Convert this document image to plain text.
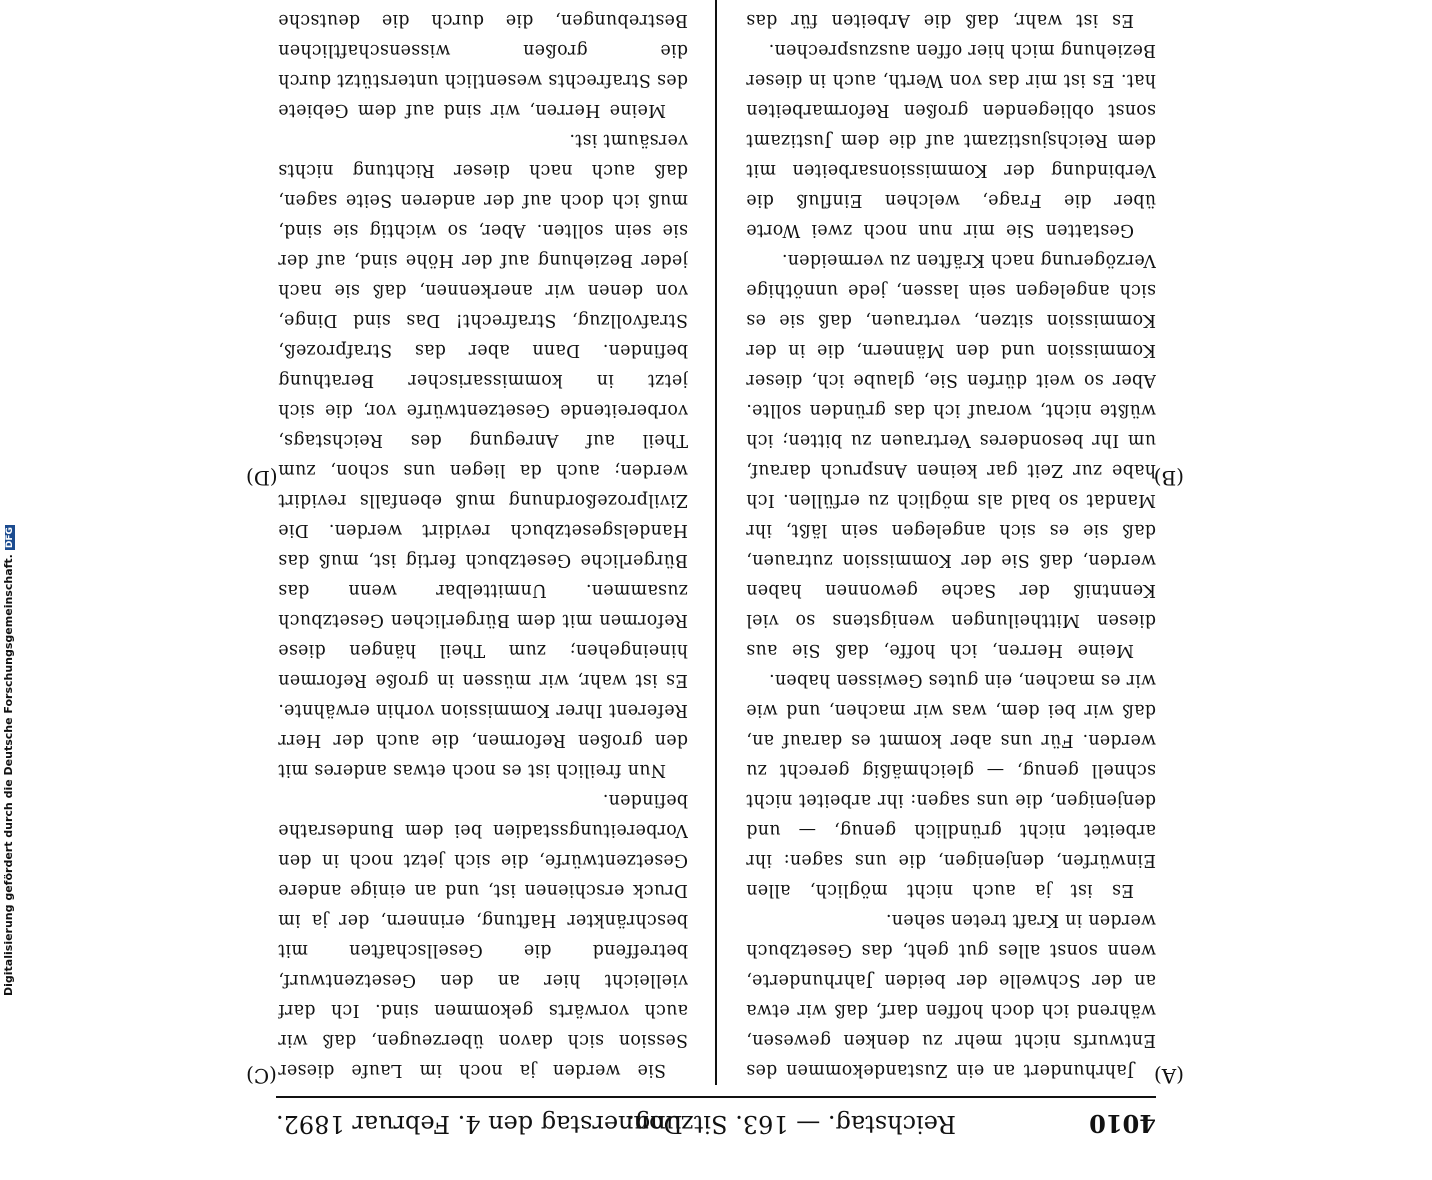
4010
Reichstag. — 163. Sitzung.
Donnerstag den 4. Februar 1892.
(A)
(B)
(C)
(D)

Jahrhundert an ein Zustandekommen des Entwurfs nicht mehr zu denken gewesen, während ich doch hoffen darf, daß wir etwa an der Schwelle der beiden Jahrhunderte, wenn sonst alles gut geht, das Gesetzbuch werden in Kraft treten sehen.

Es ist ja auch nicht möglich, allen Einwürfen, denjenigen, die uns sagen: ihr arbeitet nicht gründlich genug, — und denjenigen, die uns sagen: ihr arbeitet nicht schnell genug, — gleichmäßig gerecht zu werden. Für uns aber kommt es darauf an, daß wir bei dem, was wir machen, und wie wir es machen, ein gutes Gewissen haben.

Meine Herren, ich hoffe, daß Sie aus diesen Mittheilungen wenigstens so viel Kenntniß der Sache gewonnen haben werden, daß Sie der Kommission zutrauen, daß sie es sich angelegen sein läßt, ihr Mandat so bald als möglich zu erfüllen. Ich habe zur Zeit gar keinen Anspruch darauf, um Ihr besonderes Vertrauen zu bitten; ich wüßte nicht, worauf ich das gründen sollte. Aber so weit dürfen Sie, glaube ich, dieser Kommission und den Männern, die in der Kommission sitzen, vertrauen, daß sie es sich angelegen sein lassen, jede unnöthige Verzögerung nach Kräften zu vermeiden.

Gestatten Sie mir nun noch zwei Worte über die Frage, welchen Einfluß die Verbindung der Kommissionsarbeiten mit dem Reichsjustizamt auf die dem Justizamt sonst obliegenden großen Reformarbeiten hat. Es ist mir das von Werth, auch in dieser Beziehung mich hier offen auszusprechen.

Es ist wahr, daß die Arbeiten für das

Sie werden ja noch im Laufe dieser Session sich davon überzeugen, daß wir auch vorwärts gekommen sind. Ich darf vielleicht hier an den Gesetzentwurf, betreffend die Gesellschaften mit beschränkter Haftung, erinnern, der ja im Druck erschienen ist, und an einige andere Gesetzentwürfe, die sich jetzt noch in den Vorbereitungsstadien bei dem Bundesrathe befinden.

Nun freilich ist es noch etwas anderes mit den großen Reformen, die auch der Herr Referent Ihrer Kommission vorhin erwähnte. Es ist wahr, wir müssen in große Reformen hineingehen; zum Theil hängen diese Reformen mit dem Bürgerlichen Gesetzbuch zusammen. Unmittelbar wenn das Bürgerliche Gesetzbuch fertig ist, muß das Handelsgesetzbuch revidirt werden. Die Zivilprozeßordnung muß ebenfalls revidirt werden; auch da liegen uns schon, zum Theil auf Anregung des Reichstags, vorbereitende Gesetzentwürfe vor, die sich jetzt in kommissarischer Berathung befinden. Dann aber das Strafprozeß, Strafvollzug, Strafrecht! Das sind Dinge, von denen wir anerkennen, daß sie nach jeder Beziehung auf der Höhe sind, auf der sie sein sollten. Aber, so wichtig sie sind, muß ich doch auf der anderen Seite sagen, daß auch nach dieser Richtung nichts versäumt ist.

Meine Herren, wir sind auf dem Gebiete des Strafrechts wesentlich unterstützt durch die großen wissenschaftlichen Bestrebungen, die durch die deutsche

Digitalisierung gefördert durch die Deutsche Forschungsgemeinschaft.DFG
